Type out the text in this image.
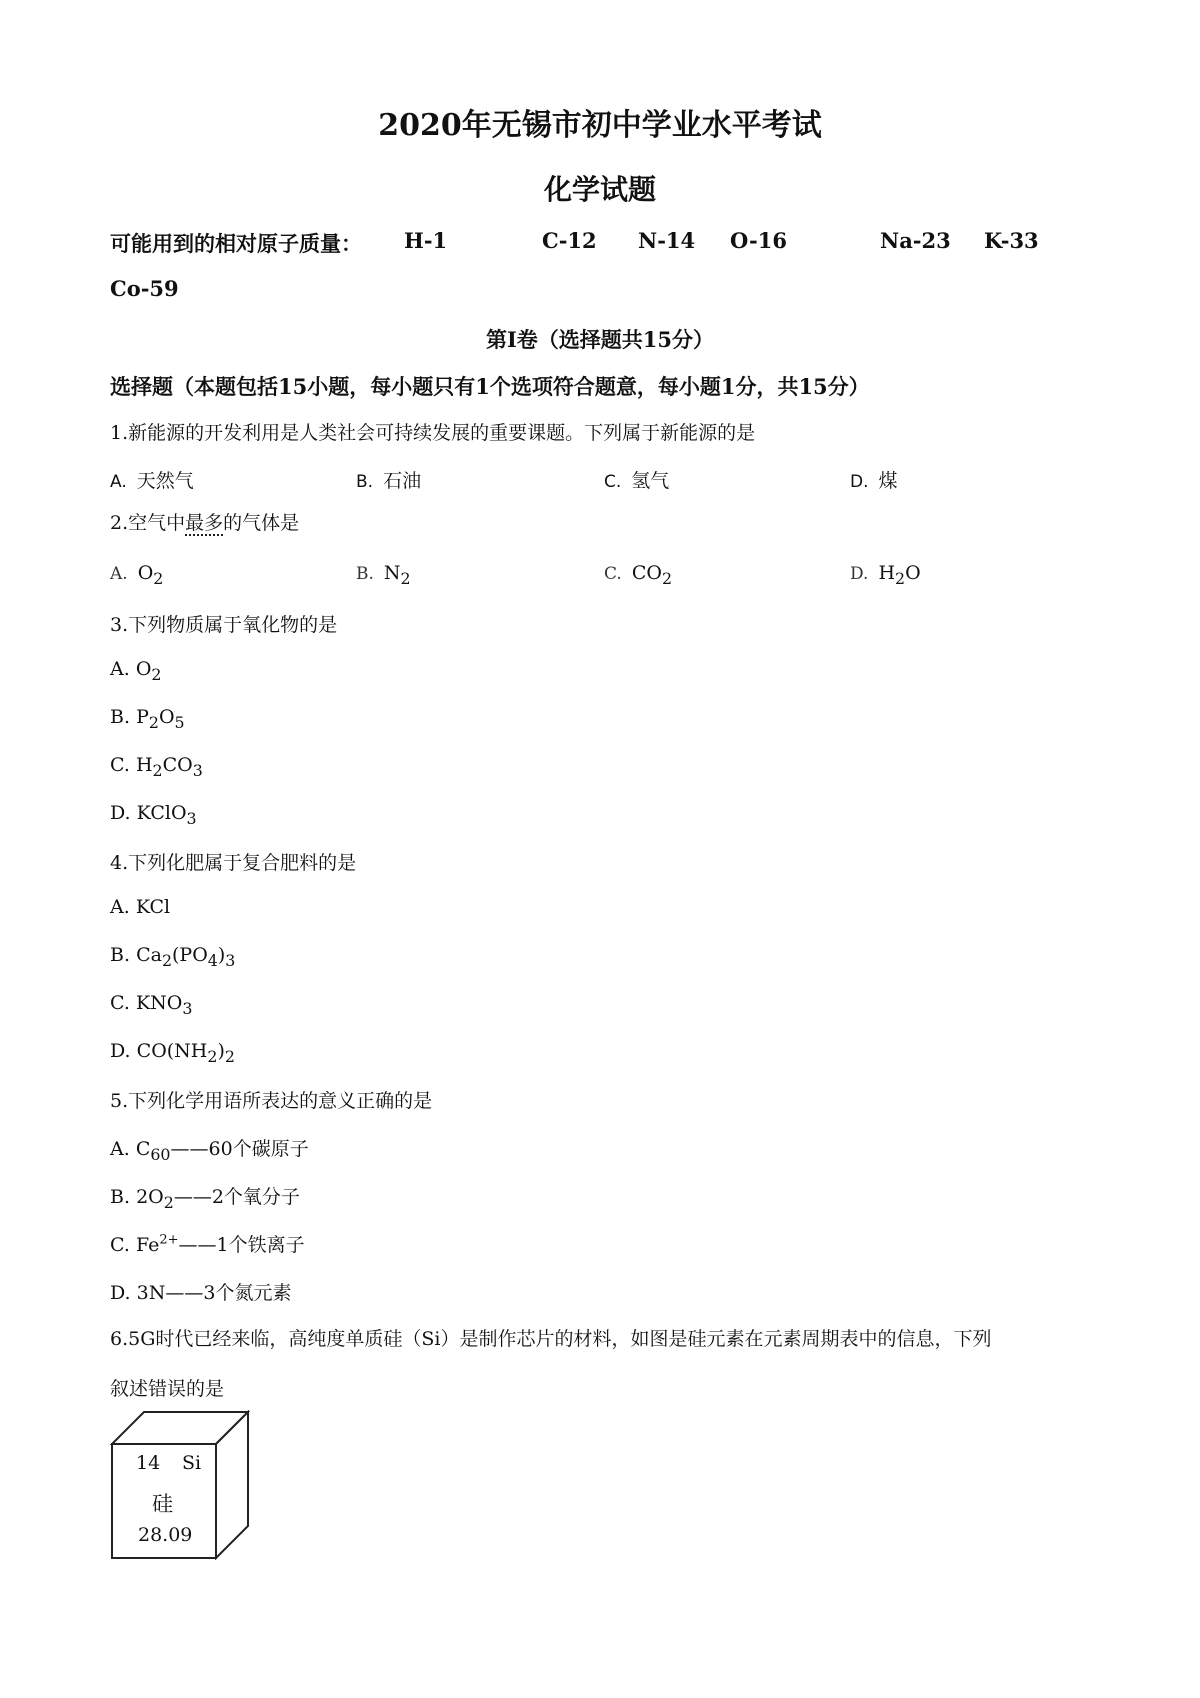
2020年无锡市初中学业水平考试
化学试题
可能用到的相对原子质量： H-1	C-12 N-14 O-16	Na-23 K-33
Co-59
第Ⅰ卷（选择题共15分）
选择题（本题包括15小题，每小题只有1个选项符合题意，每小题1分，共15分）
1.新能源的开发利用是人类社会可持续发展的重要课题。下列属于新能源的是
A. 天然气	B. 石油	C. 氢气	D. 煤
2.空气中最多的气体是
A. $O_2$	B. $N_2$	C. $CO_2$	D. $H_2O$
3.下列物质属于氧化物的是
A. $O_2$
B. $P_2O_5$
C. $H_2CO_3$
D. KClO$_3$
4.下列化肥属于复合肥料的是
A. KCl
B. $Ca_2(PO_4)_3$
C. $KNO_3$
D. $CO(NH_2)_2$
5.下列化学用语所表达的意义正确的是
A. $C_{60}——60$个碳原子
B. $2O_2——2$个氧分子
C. $Fe^{2+}——1$个铁离子
D. 3N——3个氮元素
6.5G时代已经来临，高纯度单质硅（Si）是制作芯片的材料，如图是硅元素在元素周期表中的信息，下列
叙述错误的是
14 Si
硅
28.09
